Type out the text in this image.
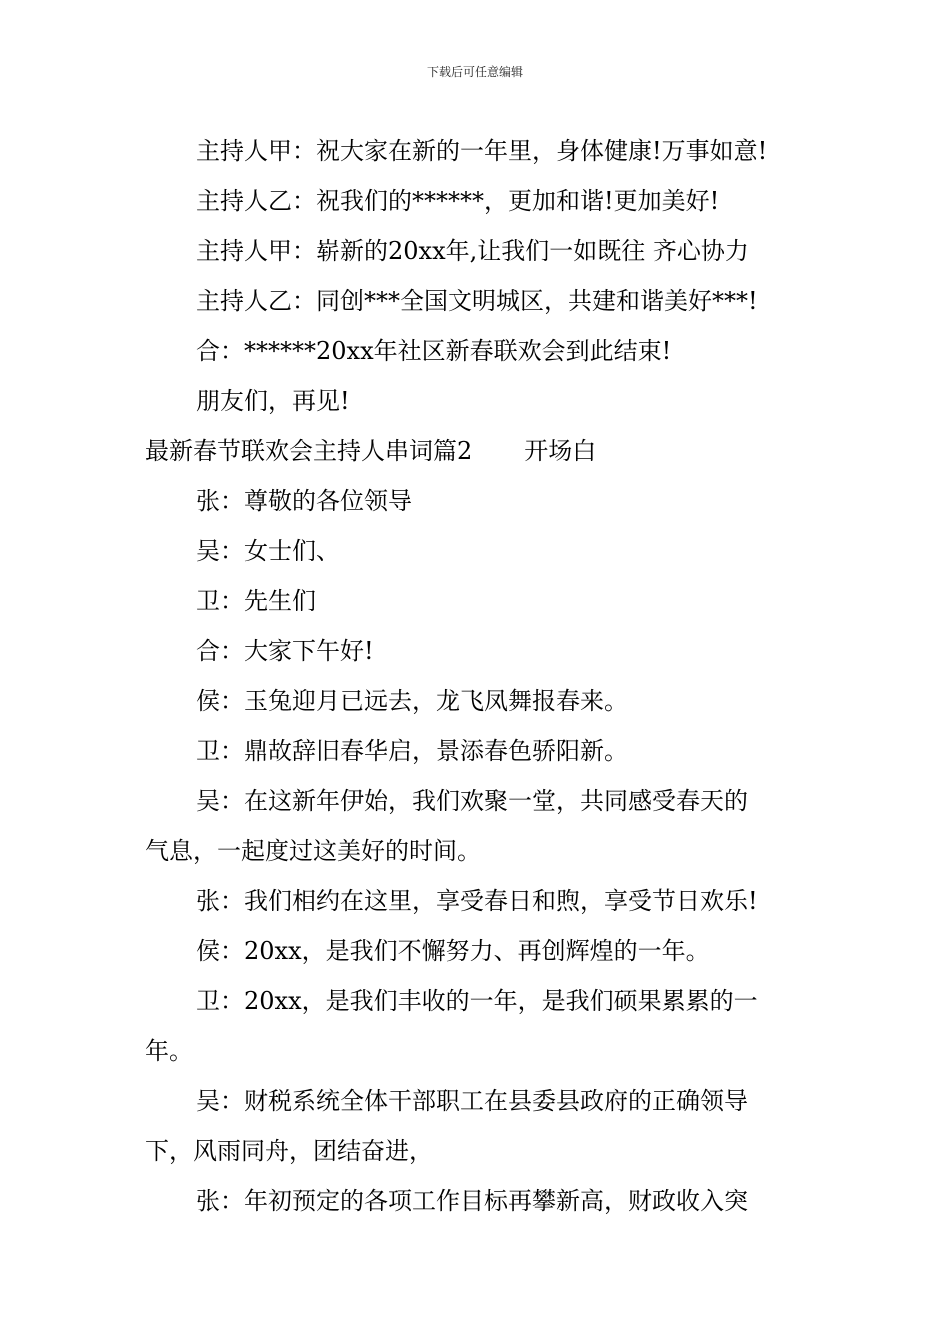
下载后可任意编辑
主持人甲：祝大家在新的一年里，身体健康!万事如意!
主持人乙：祝我们的******，更加和谐!更加美好!
主持人甲：崭新的20xx年,让我们一如既往 齐心协力
主持人乙：同创***全国文明城区，共建和谐美好***!
合：******20xx年社区新春联欢会到此结束!
朋友们，再见!
最新春节联欢会主持人串词篇2 开场白
张：尊敬的各位领导
吴：女士们、
卫：先生们
合：大家下午好!
侯：玉兔迎月已远去，龙飞凤舞报春来。
卫：鼎故辞旧春华启，景添春色骄阳新。
吴：在这新年伊始，我们欢聚一堂，共同感受春天的
气息，一起度过这美好的时间。
张：我们相约在这里，享受春日和煦，享受节日欢乐!
侯：20xx，是我们不懈努力、再创辉煌的一年。
卫：20xx，是我们丰收的一年，是我们硕果累累的一
年。
吴：财税系统全体干部职工在县委县政府的正确领导
下，风雨同舟，团结奋进，
张：年初预定的各项工作目标再攀新高，财政收入突
